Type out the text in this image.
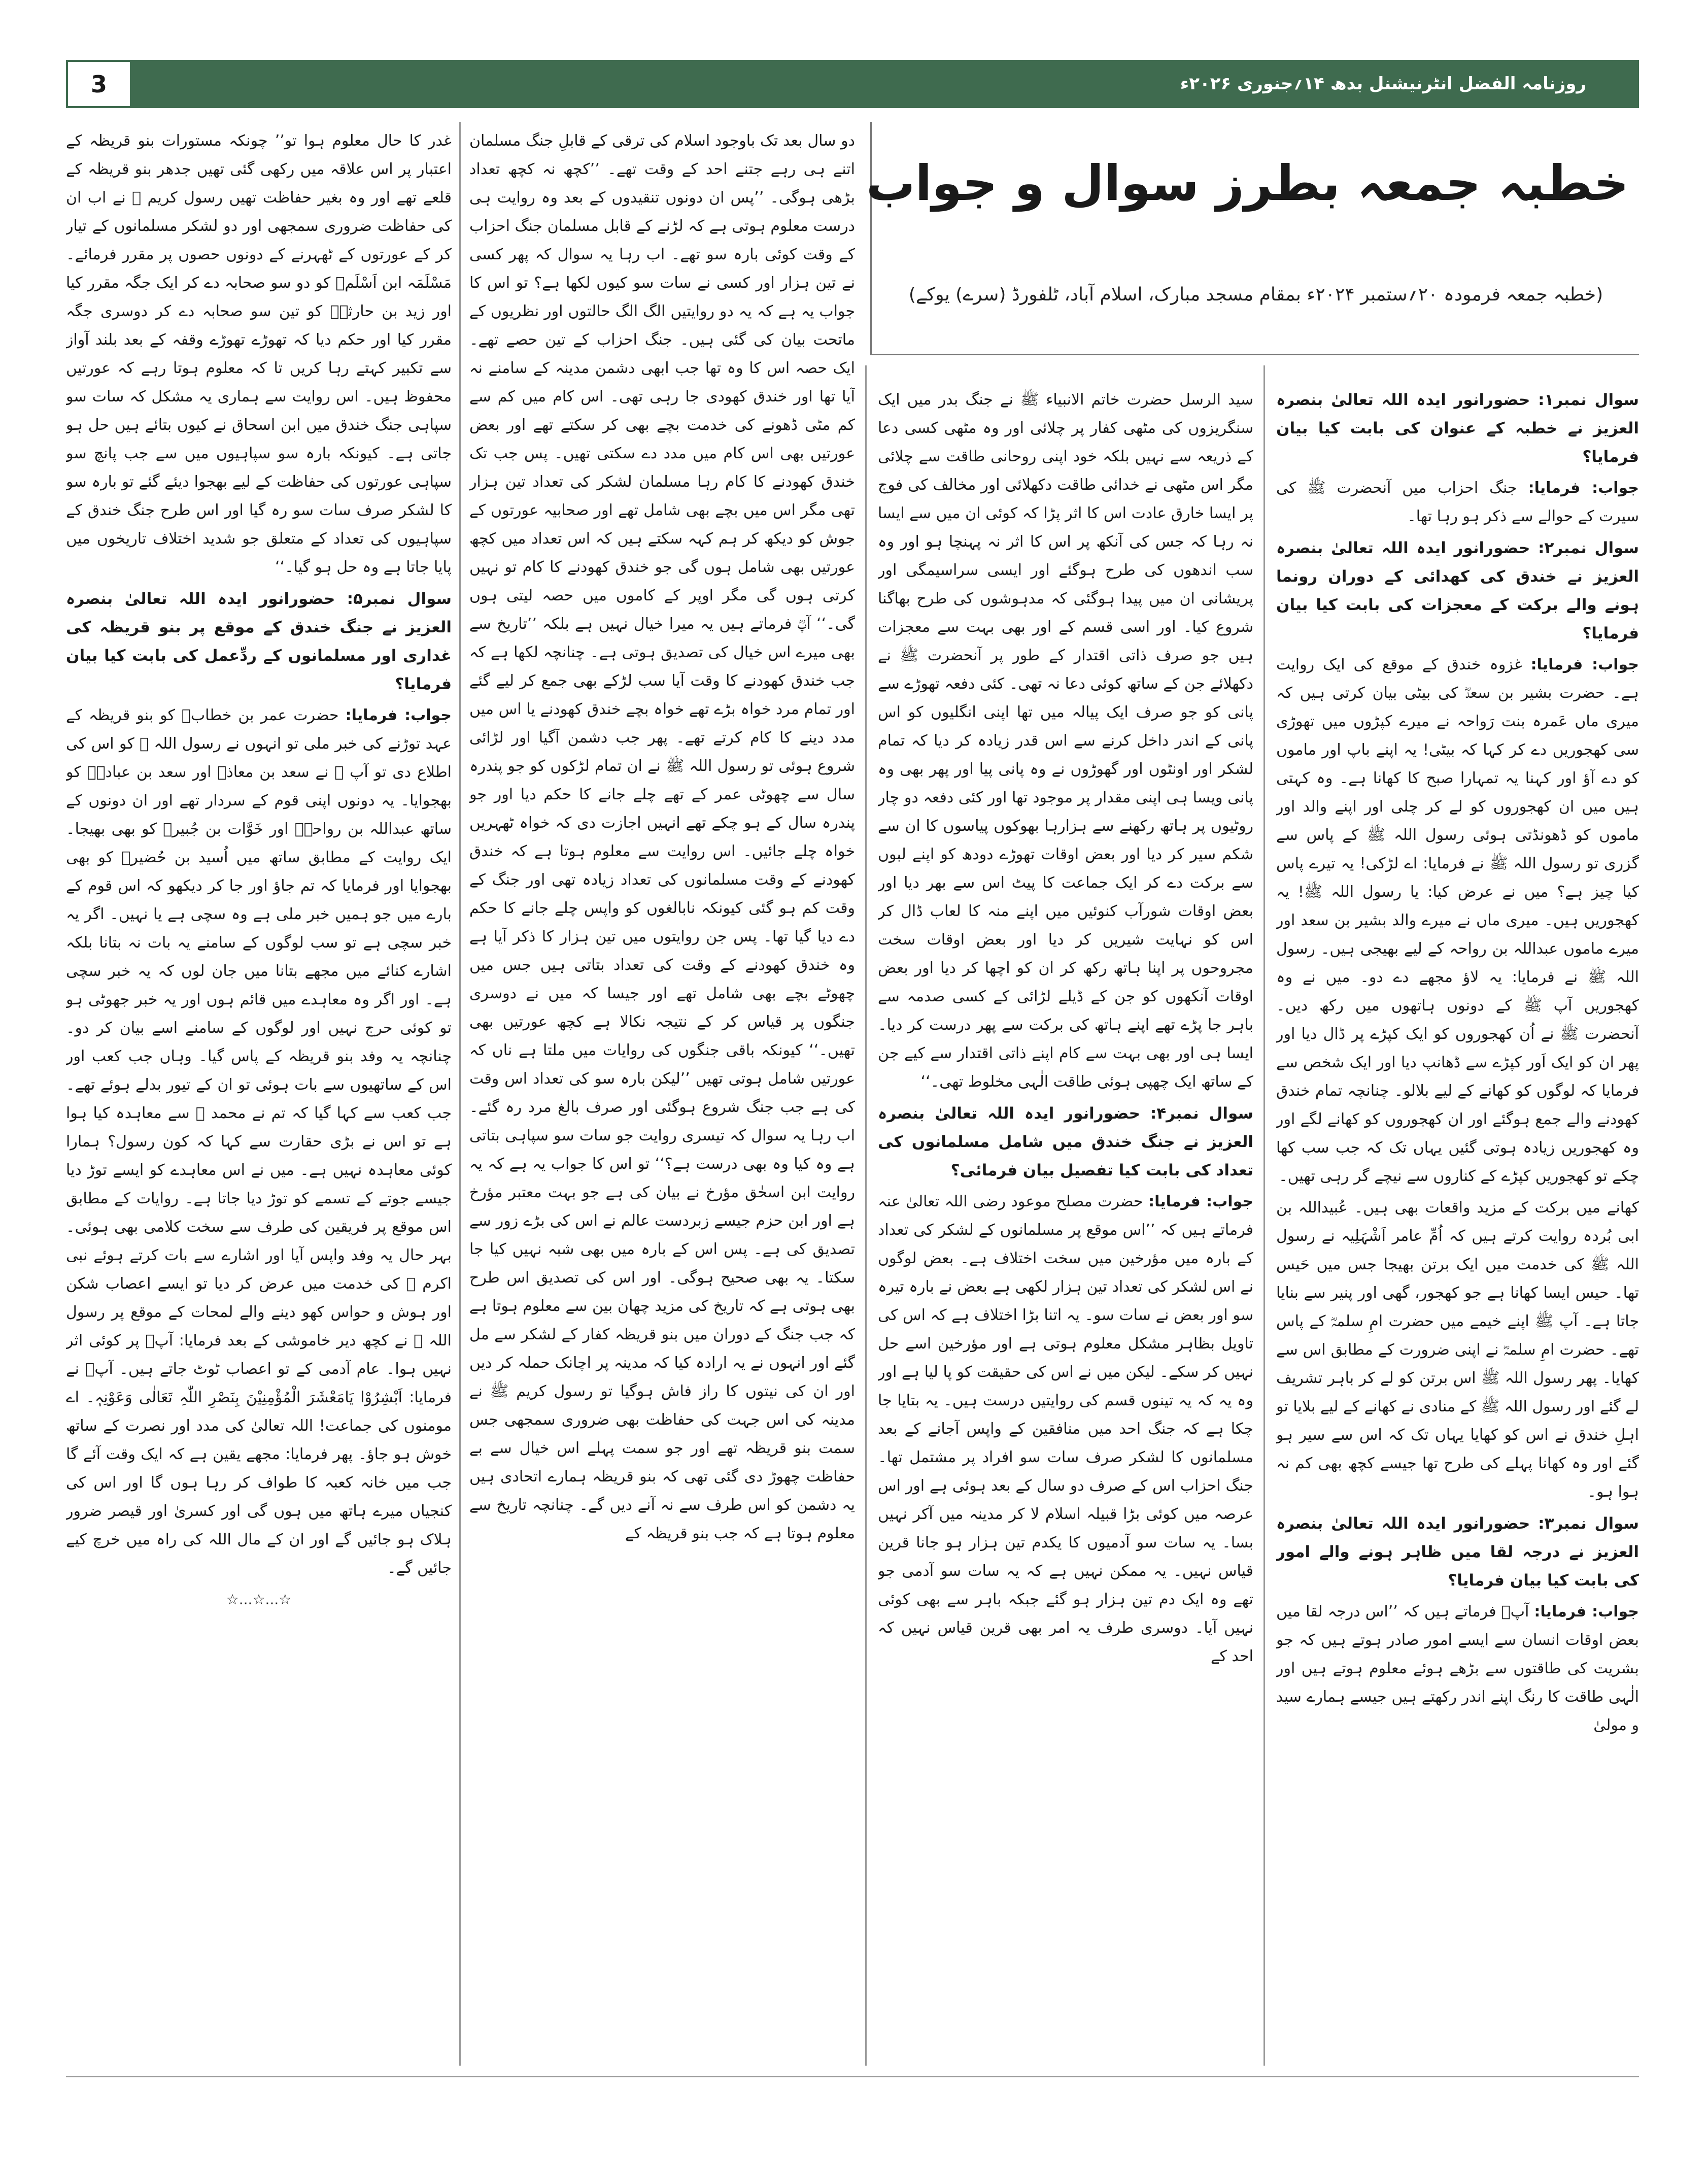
3	روزنامہ الفضل انٹرنیشنل بدھ ۱۴؍جنوری ۲۰۲۶ء
خطبہ جمعہ بطرز سوال و جواب
(خطبہ جمعہ فرمودہ ۲۰؍ستمبر ۲۰۲۴ء بمقام مسجد مبارک، اسلام آباد، ٹلفورڈ (سرے) یوکے)

سوال نمبر۱: حضورانور ایدہ اللہ تعالیٰ بنصرہ العزیز نے خطبہ کے عنوان کی بابت کیا بیان فرمایا؟

جواب: فرمایا: جنگ احزاب میں آنحضرت ﷺ کی سیرت کے حوالے سے ذکر ہو رہا تھا۔

سوال نمبر۲: حضورانور ایدہ اللہ تعالیٰ بنصرہ العزیز نے خندق کی کھدائی کے دوران رونما ہونے والے برکت کے معجزات کی بابت کیا بیان فرمایا؟

جواب: فرمایا: غزوہ خندق کے موقع کی ایک روایت ہے۔ حضرت بشیر بن سعدؓ کی بیٹی بیان کرتی ہیں کہ میری ماں عَمرہ بنت رَواحہ نے میرے کپڑوں میں تھوڑی سی کھجوریں دے کر کہا کہ بیٹی! یہ اپنے باپ اور ماموں کو دے آؤ اور کہنا یہ تمہارا صبح کا کھانا ہے۔ وہ کہتی ہیں میں ان کھجوروں کو لے کر چلی اور اپنے والد اور ماموں کو ڈھونڈتی ہوئی رسول اللہ ﷺ کے پاس سے گزری تو رسول اللہ ﷺ نے فرمایا: اے لڑکی! یہ تیرے پاس کیا چیز ہے؟ میں نے عرض کیا: یا رسول اللہ ﷺ! یہ کھجوریں ہیں۔ میری ماں نے میرے والد بشیر بن سعد اور میرے ماموں عبداللہ بن رواحہ کے لیے بھیجی ہیں۔ رسول اللہ ﷺ نے فرمایا: یہ لاؤ مجھے دے دو۔ میں نے وہ کھجوریں آپ ﷺ کے دونوں ہاتھوں میں رکھ دیں۔ آنحضرت ﷺ نے اُن کھجوروں کو ایک کپڑے پر ڈال دیا اور پھر ان کو ایک اَور کپڑے سے ڈھانپ دیا اور ایک شخص سے فرمایا کہ لوگوں کو کھانے کے لیے بلالو۔ چنانچہ تمام خندق کھودنے والے جمع ہوگئے اور ان کھجوروں کو کھانے لگے اور وہ کھجوریں زیادہ ہوتی گئیں یہاں تک کہ جب سب کھا چکے تو کھجوریں کپڑے کے کناروں سے نیچے گر رہی تھیں۔

کھانے میں برکت کے مزید واقعات بھی ہیں۔ عُبیداللہ بن ابی بُردہ روایت کرتے ہیں کہ اُمِّ عامر اَشْہَلِیہ نے رسول اللہ ﷺ کی خدمت میں ایک برتن بھیجا جس میں حَیس تھا۔ حیس ایسا کھانا ہے جو کھجور، گھی اور پنیر سے بنایا جاتا ہے۔ آپ ﷺ اپنے خیمے میں حضرت امِ سلمہؓ کے پاس تھے۔ حضرت امِ سلمہؓ نے اپنی ضرورت کے مطابق اس سے کھایا۔ پھر رسول اللہ ﷺ اس برتن کو لے کر باہر تشریف لے گئے اور رسول اللہ ﷺ کے منادی نے کھانے کے لیے بلایا تو اہلِ خندق نے اس کو کھایا یہاں تک کہ اس سے سیر ہو گئے اور وہ کھانا پہلے کی طرح تھا جیسے کچھ بھی کم نہ ہوا ہو۔

سوال نمبر۳: حضورانور ایدہ اللہ تعالیٰ بنصرہ العزیز نے درجہ لقا میں ظاہر ہونے والے امور کی بابت کیا بیان فرمایا؟

جواب: فرمایا: آپؑ فرماتے ہیں کہ ’’اس درجہ لقا میں بعض اوقات انسان سے ایسے امور صادر ہوتے ہیں کہ جو بشریت کی طاقتوں سے بڑھے ہوئے معلوم ہوتے ہیں اور الٰہی طاقت کا رنگ اپنے اندر رکھتے ہیں جیسے ہمارے سید و مولیٰ

سید الرسل حضرت خاتم الانبیاء ﷺ نے جنگ بدر میں ایک سنگریزوں کی مٹھی کفار پر چلائی اور وہ مٹھی کسی دعا کے ذریعہ سے نہیں بلکہ خود اپنی روحانی طاقت سے چلائی مگر اس مٹھی نے خدائی طاقت دکھلائی اور مخالف کی فوج پر ایسا خارق عادت اس کا اثر پڑا کہ کوئی ان میں سے ایسا نہ رہا کہ جس کی آنکھ پر اس کا اثر نہ پہنچا ہو اور وہ سب اندھوں کی طرح ہوگئے اور ایسی سراسیمگی اور پریشانی ان میں پیدا ہوگئی کہ مدہوشوں کی طرح بھاگنا شروع کیا۔ اور اسی قسم کے اور بھی بہت سے معجزات ہیں جو صرف ذاتی اقتدار کے طور پر آنحضرت ﷺ نے دکھلائے جن کے ساتھ کوئی دعا نہ تھی۔ کئی دفعہ تھوڑے سے پانی کو جو صرف ایک پیالہ میں تھا اپنی انگلیوں کو اس پانی کے اندر داخل کرنے سے اس قدر زیادہ کر دیا کہ تمام لشکر اور اونٹوں اور گھوڑوں نے وہ پانی پیا اور پھر بھی وہ پانی ویسا ہی اپنی مقدار پر موجود تھا اور کئی دفعہ دو چار روٹیوں پر ہاتھ رکھنے سے ہزارہا بھوکوں پیاسوں کا ان سے شکم سیر کر دیا اور بعض اوقات تھوڑے دودھ کو اپنے لبوں سے برکت دے کر ایک جماعت کا پیٹ اس سے بھر دیا اور بعض اوقات شورآب کنوئیں میں اپنے منہ کا لعاب ڈال کر اس کو نہایت شیریں کر دیا اور بعض اوقات سخت مجروحوں پر اپنا ہاتھ رکھ کر ان کو اچھا کر دیا اور بعض اوقات آنکھوں کو جن کے ڈیلے لڑائی کے کسی صدمہ سے باہر جا پڑے تھے اپنے ہاتھ کی برکت سے پھر درست کر دیا۔ ایسا ہی اور بھی بہت سے کام اپنے ذاتی اقتدار سے کیے جن کے ساتھ ایک چھپی ہوئی طاقت الٰہی مخلوط تھی۔‘‘

سوال نمبر۴: حضورانور ایدہ اللہ تعالیٰ بنصرہ العزیز نے جنگ خندق میں شامل مسلمانوں کی تعداد کی بابت کیا تفصیل بیان فرمائی؟

جواب: فرمایا: حضرت مصلح موعود رضی اللہ تعالیٰ عنہ فرماتے ہیں کہ ’’اس موقع پر مسلمانوں کے لشکر کی تعداد کے بارہ میں مؤرخین میں سخت اختلاف ہے۔ بعض لوگوں نے اس لشکر کی تعداد تین ہزار لکھی ہے بعض نے بارہ تیرہ سو اور بعض نے سات سو۔ یہ اتنا بڑا اختلاف ہے کہ اس کی تاویل بظاہر مشکل معلوم ہوتی ہے اور مؤرخین اسے حل نہیں کر سکے۔ لیکن میں نے اس کی حقیقت کو پا لیا ہے اور وہ یہ کہ یہ تینوں قسم کی روایتیں درست ہیں۔ یہ بتایا جا چکا ہے کہ جنگ احد میں منافقین کے واپس آجانے کے بعد مسلمانوں کا لشکر صرف سات سو افراد پر مشتمل تھا۔ جنگ احزاب اس کے صرف دو سال کے بعد ہوئی ہے اور اس عرصہ میں کوئی بڑا قبیلہ اسلام لا کر مدینہ میں آکر نہیں بسا۔ یہ سات سو آدمیوں کا یکدم تین ہزار ہو جانا قرین قیاس نہیں۔ یہ ممکن نہیں ہے کہ یہ سات سو آدمی جو تھے وہ ایک دم تین ہزار ہو گئے جبکہ باہر سے بھی کوئی نہیں آیا۔ دوسری طرف یہ امر بھی قرین قیاس نہیں کہ احد کے

دو سال بعد تک باوجود اسلام کی ترقی کے قابلِ جنگ مسلمان اتنے ہی رہے جتنے احد کے وقت تھے۔ ’’کچھ نہ کچھ تعداد بڑھی ہوگی۔ ’’پس ان دونوں تنقیدوں کے بعد وہ روایت ہی درست معلوم ہوتی ہے کہ لڑنے کے قابل مسلمان جنگ احزاب کے وقت کوئی بارہ سو تھے۔ اب رہا یہ سوال کہ پھر کسی نے تین ہزار اور کسی نے سات سو کیوں لکھا ہے؟ تو اس کا جواب یہ ہے کہ یہ دو روایتیں الگ الگ حالتوں اور نظریوں کے ماتحت بیان کی گئی ہیں۔ جنگ احزاب کے تین حصے تھے۔ ایک حصہ اس کا وہ تھا جب ابھی دشمن مدینہ کے سامنے نہ آیا تھا اور خندق کھودی جا رہی تھی۔ اس کام میں کم سے کم مٹی ڈھونے کی خدمت بچے بھی کر سکتے تھے اور بعض عورتیں بھی اس کام میں مدد دے سکتی تھیں۔ پس جب تک خندق کھودنے کا کام رہا مسلمان لشکر کی تعداد تین ہزار تھی مگر اس میں بچے بھی شامل تھے اور صحابیہ عورتوں کے جوش کو دیکھ کر ہم کہہ سکتے ہیں کہ اس تعداد میں کچھ عورتیں بھی شامل ہوں گی جو خندق کھودنے کا کام تو نہیں کرتی ہوں گی مگر اوپر کے کاموں میں حصہ لیتی ہوں گی۔‘‘ آپؓ فرماتے ہیں یہ میرا خیال نہیں ہے بلکہ ’’تاریخ سے بھی میرے اس خیال کی تصدیق ہوتی ہے۔ چنانچہ لکھا ہے کہ جب خندق کھودنے کا وقت آیا سب لڑکے بھی جمع کر لیے گئے اور تمام مرد خواہ بڑے تھے خواہ بچے خندق کھودنے یا اس میں مدد دینے کا کام کرتے تھے۔ پھر جب دشمن آگیا اور لڑائی شروع ہوئی تو رسول اللہ ﷺ نے ان تمام لڑکوں کو جو پندرہ سال سے چھوٹی عمر کے تھے چلے جانے کا حکم دیا اور جو پندرہ سال کے ہو چکے تھے انہیں اجازت دی کہ خواہ ٹھہریں خواہ چلے جائیں۔ اس روایت سے معلوم ہوتا ہے کہ خندق کھودنے کے وقت مسلمانوں کی تعداد زیادہ تھی اور جنگ کے وقت کم ہو گئی کیونکہ نابالغوں کو واپس چلے جانے کا حکم دے دیا گیا تھا۔ پس جن روایتوں میں تین ہزار کا ذکر آیا ہے وہ خندق کھودنے کے وقت کی تعداد بتاتی ہیں جس میں چھوٹے بچے بھی شامل تھے اور جیسا کہ میں نے دوسری جنگوں پر قیاس کر کے نتیجہ نکالا ہے کچھ عورتیں بھی تھیں۔‘‘ کیونکہ باقی جنگوں کی روایات میں ملتا ہے ناں کہ عورتیں شامل ہوتی تھیں ’’لیکن بارہ سو کی تعداد اس وقت کی ہے جب جنگ شروع ہوگئی اور صرف بالغ مرد رہ گئے۔ اب رہا یہ سوال کہ تیسری روایت جو سات سو سپاہی بتاتی ہے وہ کیا وہ بھی درست ہے؟‘‘ تو اس کا جواب یہ ہے کہ یہ روایت ابن اسحٰق مؤرخ نے بیان کی ہے جو بہت معتبر مؤرخ ہے اور ابن حزم جیسے زبردست عالم نے اس کی بڑے زور سے تصدیق کی ہے۔ پس اس کے بارہ میں بھی شبہ نہیں کیا جا سکتا۔ یہ بھی صحیح ہوگی۔ اور اس کی تصدیق اس طرح بھی ہوتی ہے کہ تاریخ کی مزید چھان بین سے معلوم ہوتا ہے کہ جب جنگ کے دوران میں بنو قریظہ کفار کے لشکر سے مل گئے اور انہوں نے یہ ارادہ کیا کہ مدینہ پر اچانک حملہ کر دیں اور ان کی نیتوں کا راز فاش ہوگیا تو رسول کریم ﷺ نے مدینہ کی اس جہت کی حفاظت بھی ضروری سمجھی جس سمت بنو قریظہ تھے اور جو سمت پہلے اس خیال سے بے حفاظت چھوڑ دی گئی تھی کہ بنو قریظہ ہمارے اتحادی ہیں یہ دشمن کو اس طرف سے نہ آنے دیں گے۔ چنانچہ تاریخ سے معلوم ہوتا ہے کہ جب بنو قریظہ کے

غدر کا حال معلوم ہوا تو’’ چونکہ مستورات بنو قریظہ کے اعتبار پر اس علاقہ میں رکھی گئی تھیں جدھر بنو قریظہ کے قلعے تھے اور وہ بغیر حفاظت تھیں رسول کریم ﷺ نے اب ان کی حفاظت ضروری سمجھی اور دو لشکر مسلمانوں کے تیار کر کے عورتوں کے ٹھہرنے کے دونوں حصوں پر مقرر فرمائے۔ مَسْلَمَہ ابن اَسْلَمؓ کو دو سو صحابہ دے کر ایک جگہ مقرر کیا اور زید بن حارثہؓ کو تین سو صحابہ دے کر دوسری جگہ مقرر کیا اور حکم دیا کہ تھوڑے تھوڑے وقفہ کے بعد بلند آواز سے تکبیر کہتے رہا کریں تا کہ معلوم ہوتا رہے کہ عورتیں محفوظ ہیں۔ اس روایت سے ہماری یہ مشکل کہ سات سو سپاہی جنگ خندق میں ابن اسحاق نے کیوں بتائے ہیں حل ہو جاتی ہے۔ کیونکہ بارہ سو سپاہیوں میں سے جب پانچ سو سپاہی عورتوں کی حفاظت کے لیے بھجوا دیئے گئے تو بارہ سو کا لشکر صرف سات سو رہ گیا اور اس طرح جنگ خندق کے سپاہیوں کی تعداد کے متعلق جو شدید اختلاف تاریخوں میں پایا جاتا ہے وہ حل ہو گیا۔‘‘

سوال نمبر۵: حضورانور ایدہ اللہ تعالیٰ بنصرہ العزیز نے جنگ خندق کے موقع پر بنو قریظہ کی غداری اور مسلمانوں کے ردِّعمل کی بابت کیا بیان فرمایا؟

جواب: فرمایا: حضرت عمر بن خطابؓ کو بنو قریظہ کے عہد توڑنے کی خبر ملی تو انہوں نے رسول اللہ ﷺ کو اس کی اطلاع دی تو آپ ﷺ نے سعد بن معاذؓ اور سعد بن عبادہؓ کو بھجوایا۔ یہ دونوں اپنی قوم کے سردار تھے اور ان دونوں کے ساتھ عبداللہ بن رواحہؓ اور خَوَّات بن جُبیرؓ کو بھی بھیجا۔ ایک روایت کے مطابق ساتھ میں اُسید بن حُضیرؓ کو بھی بھجوایا اور فرمایا کہ تم جاؤ اور جا کر دیکھو کہ اس قوم کے بارے میں جو ہمیں خبر ملی ہے وہ سچی ہے یا نہیں۔ اگر یہ خبر سچی ہے تو سب لوگوں کے سامنے یہ بات نہ بتانا بلکہ اشارے کنائے میں مجھے بتانا میں جان لوں کہ یہ خبر سچی ہے۔ اور اگر وہ معاہدے میں قائم ہوں اور یہ خبر جھوٹی ہو تو کوئی حرج نہیں اور لوگوں کے سامنے اسے بیان کر دو۔ چنانچہ یہ وفد بنو قریظہ کے پاس گیا۔ وہاں جب کعب اور اس کے ساتھیوں سے بات ہوئی تو ان کے تیور بدلے ہوئے تھے۔ جب کعب سے کہا گیا کہ تم نے محمد ﷺ سے معاہدہ کیا ہوا ہے تو اس نے بڑی حقارت سے کہا کہ کون رسول؟ ہمارا کوئی معاہدہ نہیں ہے۔ میں نے اس معاہدے کو ایسے توڑ دیا جیسے جوتے کے تسمے کو توڑ دیا جاتا ہے۔ روایات کے مطابق اس موقع پر فریقین کی طرف سے سخت کلامی بھی ہوئی۔ بہر حال یہ وفد واپس آیا اور اشارے سے بات کرتے ہوئے نبی اکرم ﷺ کی خدمت میں عرض کر دیا تو ایسے اعصاب شکن اور ہوش و حواس کھو دینے والے لمحات کے موقع پر رسول اللہ ﷺ نے کچھ دیر خاموشی کے بعد فرمایا: آپؐ پر کوئی اثر نہیں ہوا۔ عام آدمی کے تو اعصاب ٹوٹ جاتے ہیں۔ آپؐ نے فرمایا: اَبْشِرُوْا یَامَعْشَرَ الْمُؤْمِنِیْنَ بِنَصْرِ اللّٰہِ تَعَالٰی وَعَوْنِہٖ۔ اے مومنوں کی جماعت! اللہ تعالیٰ کی مدد اور نصرت کے ساتھ خوش ہو جاؤ۔ پھر فرمایا: مجھے یقین ہے کہ ایک وقت آئے گا جب میں خانہ کعبہ کا طواف کر رہا ہوں گا اور اس کی کنجیاں میرے ہاتھ میں ہوں گی اور کسریٰ اور قیصر ضرور ہلاک ہو جائیں گے اور ان کے مال اللہ کی راہ میں خرچ کیے جائیں گے۔

☆...☆...☆
